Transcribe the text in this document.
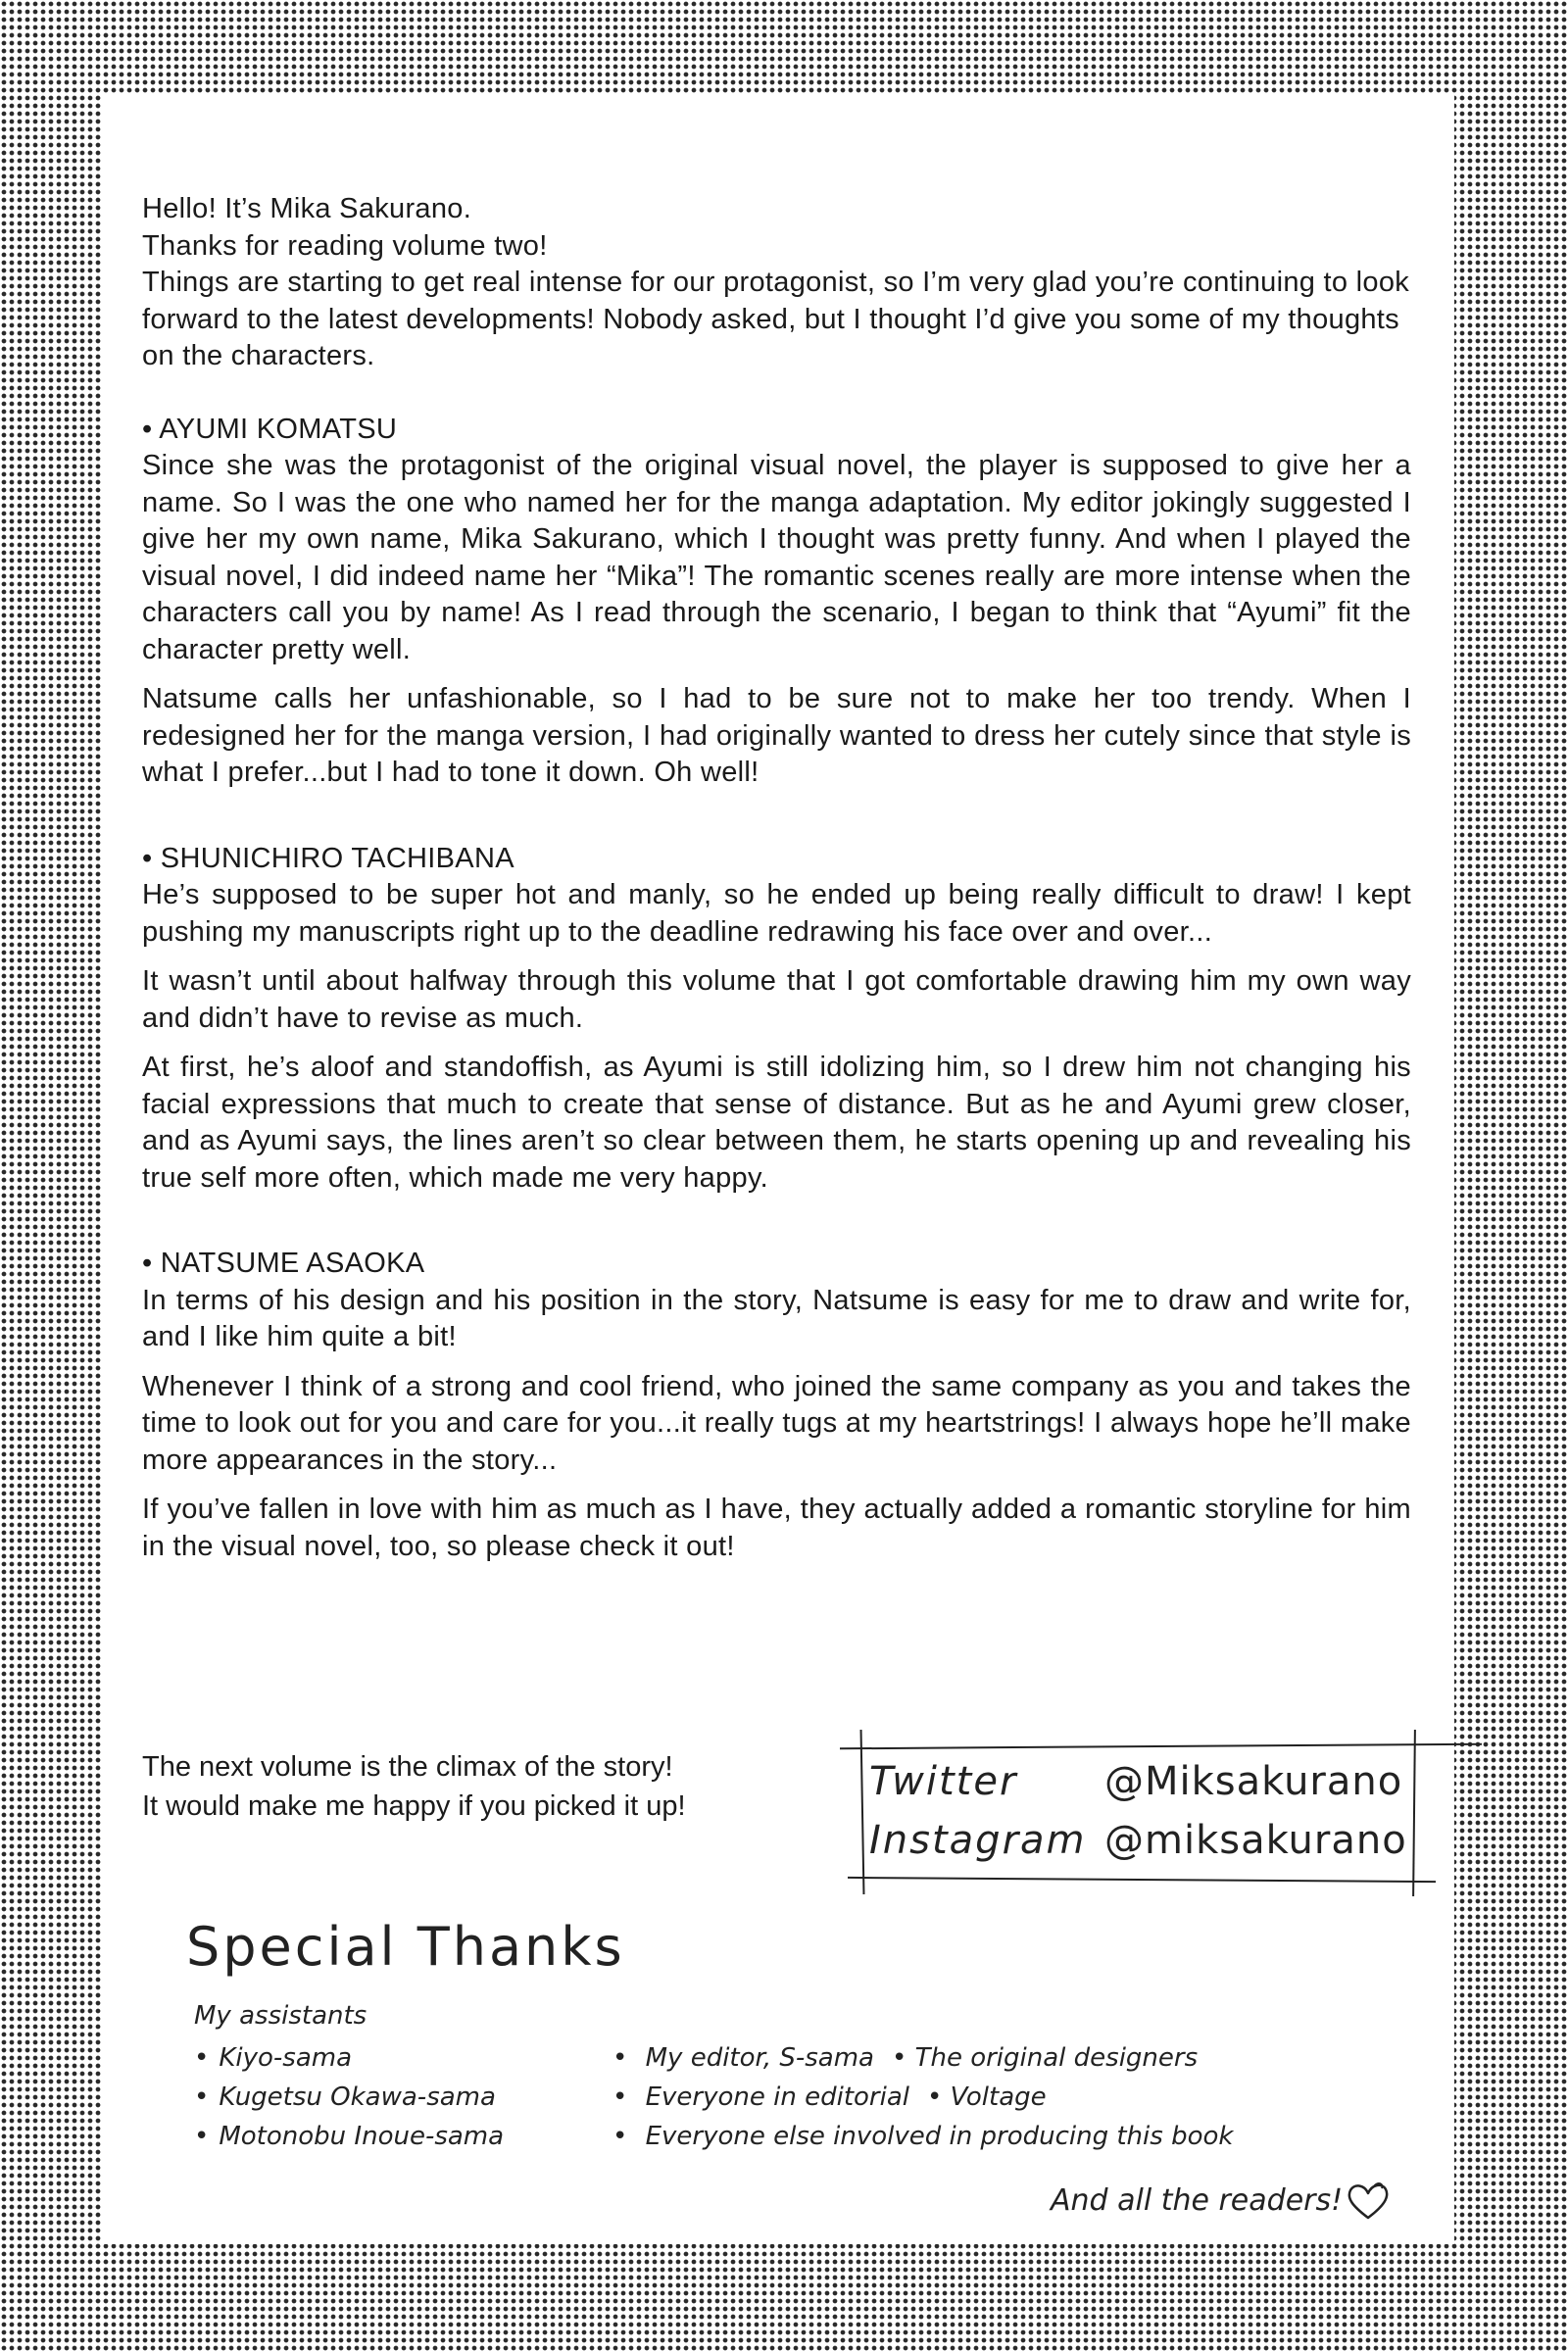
Hello! It’s Mika Sakurano.

Thanks for reading volume two!

Things are starting to get real intense for our protagonist, so I’m very glad you’re continuing to look forward to the latest developments! Nobody asked, but I thought I’d give you some of my thoughts on the characters.

• AYUMI KOMATSU

Since she was the protagonist of the original visual novel, the player is supposed to give her a name. So I was the one who named her for the manga adaptation. My editor jokingly suggested I give her my own name, Mika Sakurano, which I thought was pretty funny. And when I played the visual novel, I did indeed name her “Mika”! The romantic scenes really are more intense when the characters call you by name! As I read through the scenario, I began to think that “Ayumi” fit the character pretty well.

Natsume calls her unfashionable, so I had to be sure not to make her too trendy. When I redesigned her for the manga version, I had originally wanted to dress her cutely since that style is what I prefer...but I had to tone it down. Oh well!

• SHUNICHIRO TACHIBANA

He’s supposed to be super hot and manly, so he ended up being really difficult to draw! I kept pushing my manuscripts right up to the deadline redrawing his face over and over...

It wasn’t until about halfway through this volume that I got comfortable drawing him my own way and didn’t have to revise as much.

At first, he’s aloof and standoffish, as Ayumi is still idolizing him, so I drew him not changing his facial expressions that much to create that sense of distance. But as he and Ayumi grew closer, and as Ayumi says, the lines aren’t so clear between them, he starts opening up and revealing his true self more often, which made me very happy.

• NATSUME ASAOKA

In terms of his design and his position in the story, Natsume is easy for me to draw and write for, and I like him quite a bit!

Whenever I think of a strong and cool friend, who joined the same company as you and takes the time to look out for you and care for you...it really tugs at my heartstrings! I always hope he’ll make more appearances in the story...

If you’ve fallen in love with him as much as I have, they actually added a romantic storyline for him in the visual novel, too, so please check it out!

The next volume is the climax of the story!
It would make me happy if you picked it up!
Twitter	@Miksakurano
Instagram @miksakurano
Special Thanks
My assistants
• Kiyo-sama
• Kugetsu Okawa-sama
• Motonobu Inoue-sama
• My editor, S-sama • The original designers
• Everyone in editorial • Voltage
• Everyone else involved in producing this book
And all the readers!
